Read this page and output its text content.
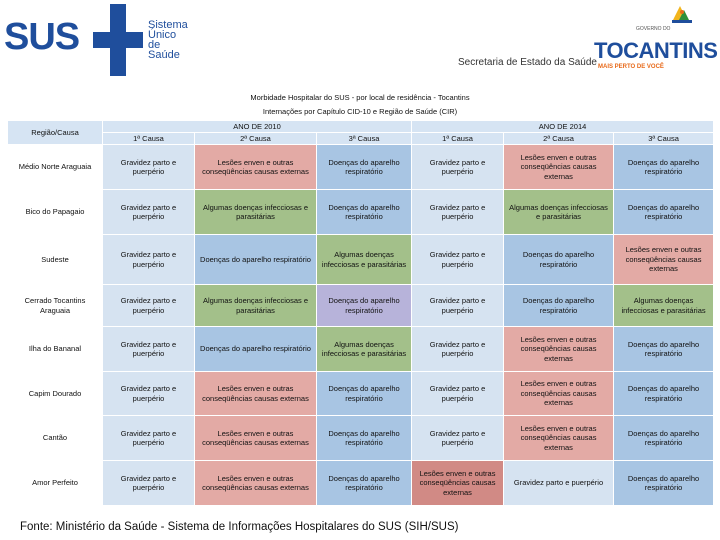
SUS	Sistema
Único
de Saúde
Secretaria de Estado da Saúde
GOVERNO DO
TOCANTINS
MAIS PERTO DE VOCÊ
Morbidade Hospitalar do SUS - por local de residência - Tocantins
Internações por Capítulo CID-10 e Região de Saúde (CIR)
Região/Causa	ANO DE 2010			ANO DE 2014		
	1ª Causa	2ª Causa	3ª Causa	1ª Causa	2ª Causa	3ª Causa
Médio Norte Araguaia	Gravidez parto e puerpério	Lesões enven e outras conseqüências causas externas	Doenças do aparelho respiratório	Gravidez parto e puerpério	Lesões enven e outras conseqüências causas externas	Doenças do aparelho respiratório
Bico do Papagaio	Gravidez parto e puerpério	Algumas doenças infecciosas e parasitárias	Doenças do aparelho respiratório	Gravidez parto e puerpério	Algumas doenças infecciosas e parasitárias	Doenças do aparelho respiratório
Sudeste	Gravidez parto e puerpério	Doenças do aparelho respiratório	Algumas doenças infecciosas e parasitárias	Gravidez parto e puerpério	Doenças do aparelho respiratório	Lesões enven e outras conseqüências causas externas
Cerrado Tocantins Araguaia	Gravidez parto e puerpério	Algumas doenças infecciosas e parasitárias	Doenças do aparelho respiratório	Gravidez parto e puerpério	Doenças do aparelho respiratório	Algumas doenças infecciosas e parasitárias
Ilha do Bananal	Gravidez parto e puerpério	Doenças do aparelho respiratório	Algumas doenças infecciosas e parasitárias	Gravidez parto e puerpério	Lesões enven e outras conseqüências causas externas	Doenças do aparelho respiratório
Capim Dourado	Gravidez parto e puerpério	Lesões enven e outras conseqüências causas externas	Doenças do aparelho respiratório	Gravidez parto e puerpério	Lesões enven e outras conseqüências causas externas	Doenças do aparelho respiratório
Cantão	Gravidez parto e puerpério	Lesões enven e outras conseqüências causas externas	Doenças do aparelho respiratório	Gravidez parto e puerpério	Lesões enven e outras conseqüências causas externas	Doenças do aparelho respiratório
Amor Perfeito	Gravidez parto e puerpério	Lesões enven e outras conseqüências causas externas	Doenças do aparelho respiratório	Lesões enven e outras conseqüências causas externas	Gravidez parto e puerpério	Doenças do aparelho respiratório
Fonte: Ministério da Saúde - Sistema de Informações Hospitalares do SUS (SIH/SUS)
